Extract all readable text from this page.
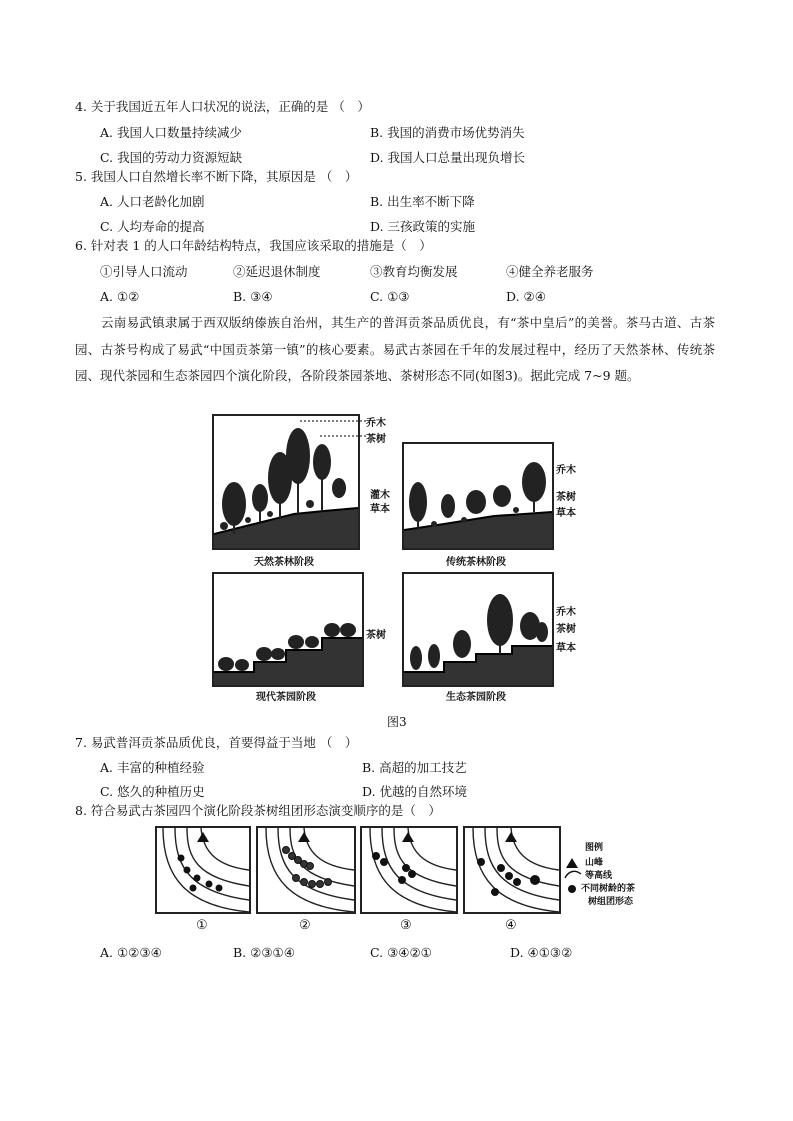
4. 关于我国近五年人口状况的说法，正确的是 （　）
A. 我国人口数量持续减少	B. 我国的消费市场优势消失
C. 我国的劳动力资源短缺	D. 我国人口总量出现负增长
5. 我国人口自然增长率不断下降，其原因是 （　）
A. 人口老龄化加剧	B. 出生率不断下降
C. 人均寿命的提高	D. 三孩政策的实施
6. 针对表 1 的人口年龄结构特点，我国应该采取的措施是（　）
①引导人口流动	②延迟退休制度	③教育均衡发展	④健全养老服务
A. ①②	B. ③④	C. ①③	D. ②④
云南易武镇隶属于西双版纳傣族自治州，其生产的普洱贡茶品质优良，有“茶中皇后”的美誉。茶马古道、古茶园、古茶号构成了易武“中国贡茶第一镇”的核心要素。易武古茶园在千年的发展过程中，经历了天然茶林、传统茶园、现代茶园和生态茶园四个演化阶段，各阶段茶园茶地、茶树形态不同(如图3)。据此完成 7~9 题。
乔木
茶树
灌木
草本
天然茶林阶段
乔木
茶树
草本
传统茶林阶段
茶树
现代茶园阶段
乔木
茶树
草本
生态茶园阶段
图3
7. 易武普洱贡茶品质优良，首要得益于当地 （　）
A. 丰富的种植经验	B. 高超的加工技艺
C. 悠久的种植历史	D. 优越的自然环境
8. 符合易武古茶园四个演化阶段茶树组团形态演变顺序的是（　）
①	②	③	④
图例
山峰
等高线
不同树龄的茶
树组团形态
A. ①②③④	B. ②③①④	C. ③④②①	D. ④①③②
